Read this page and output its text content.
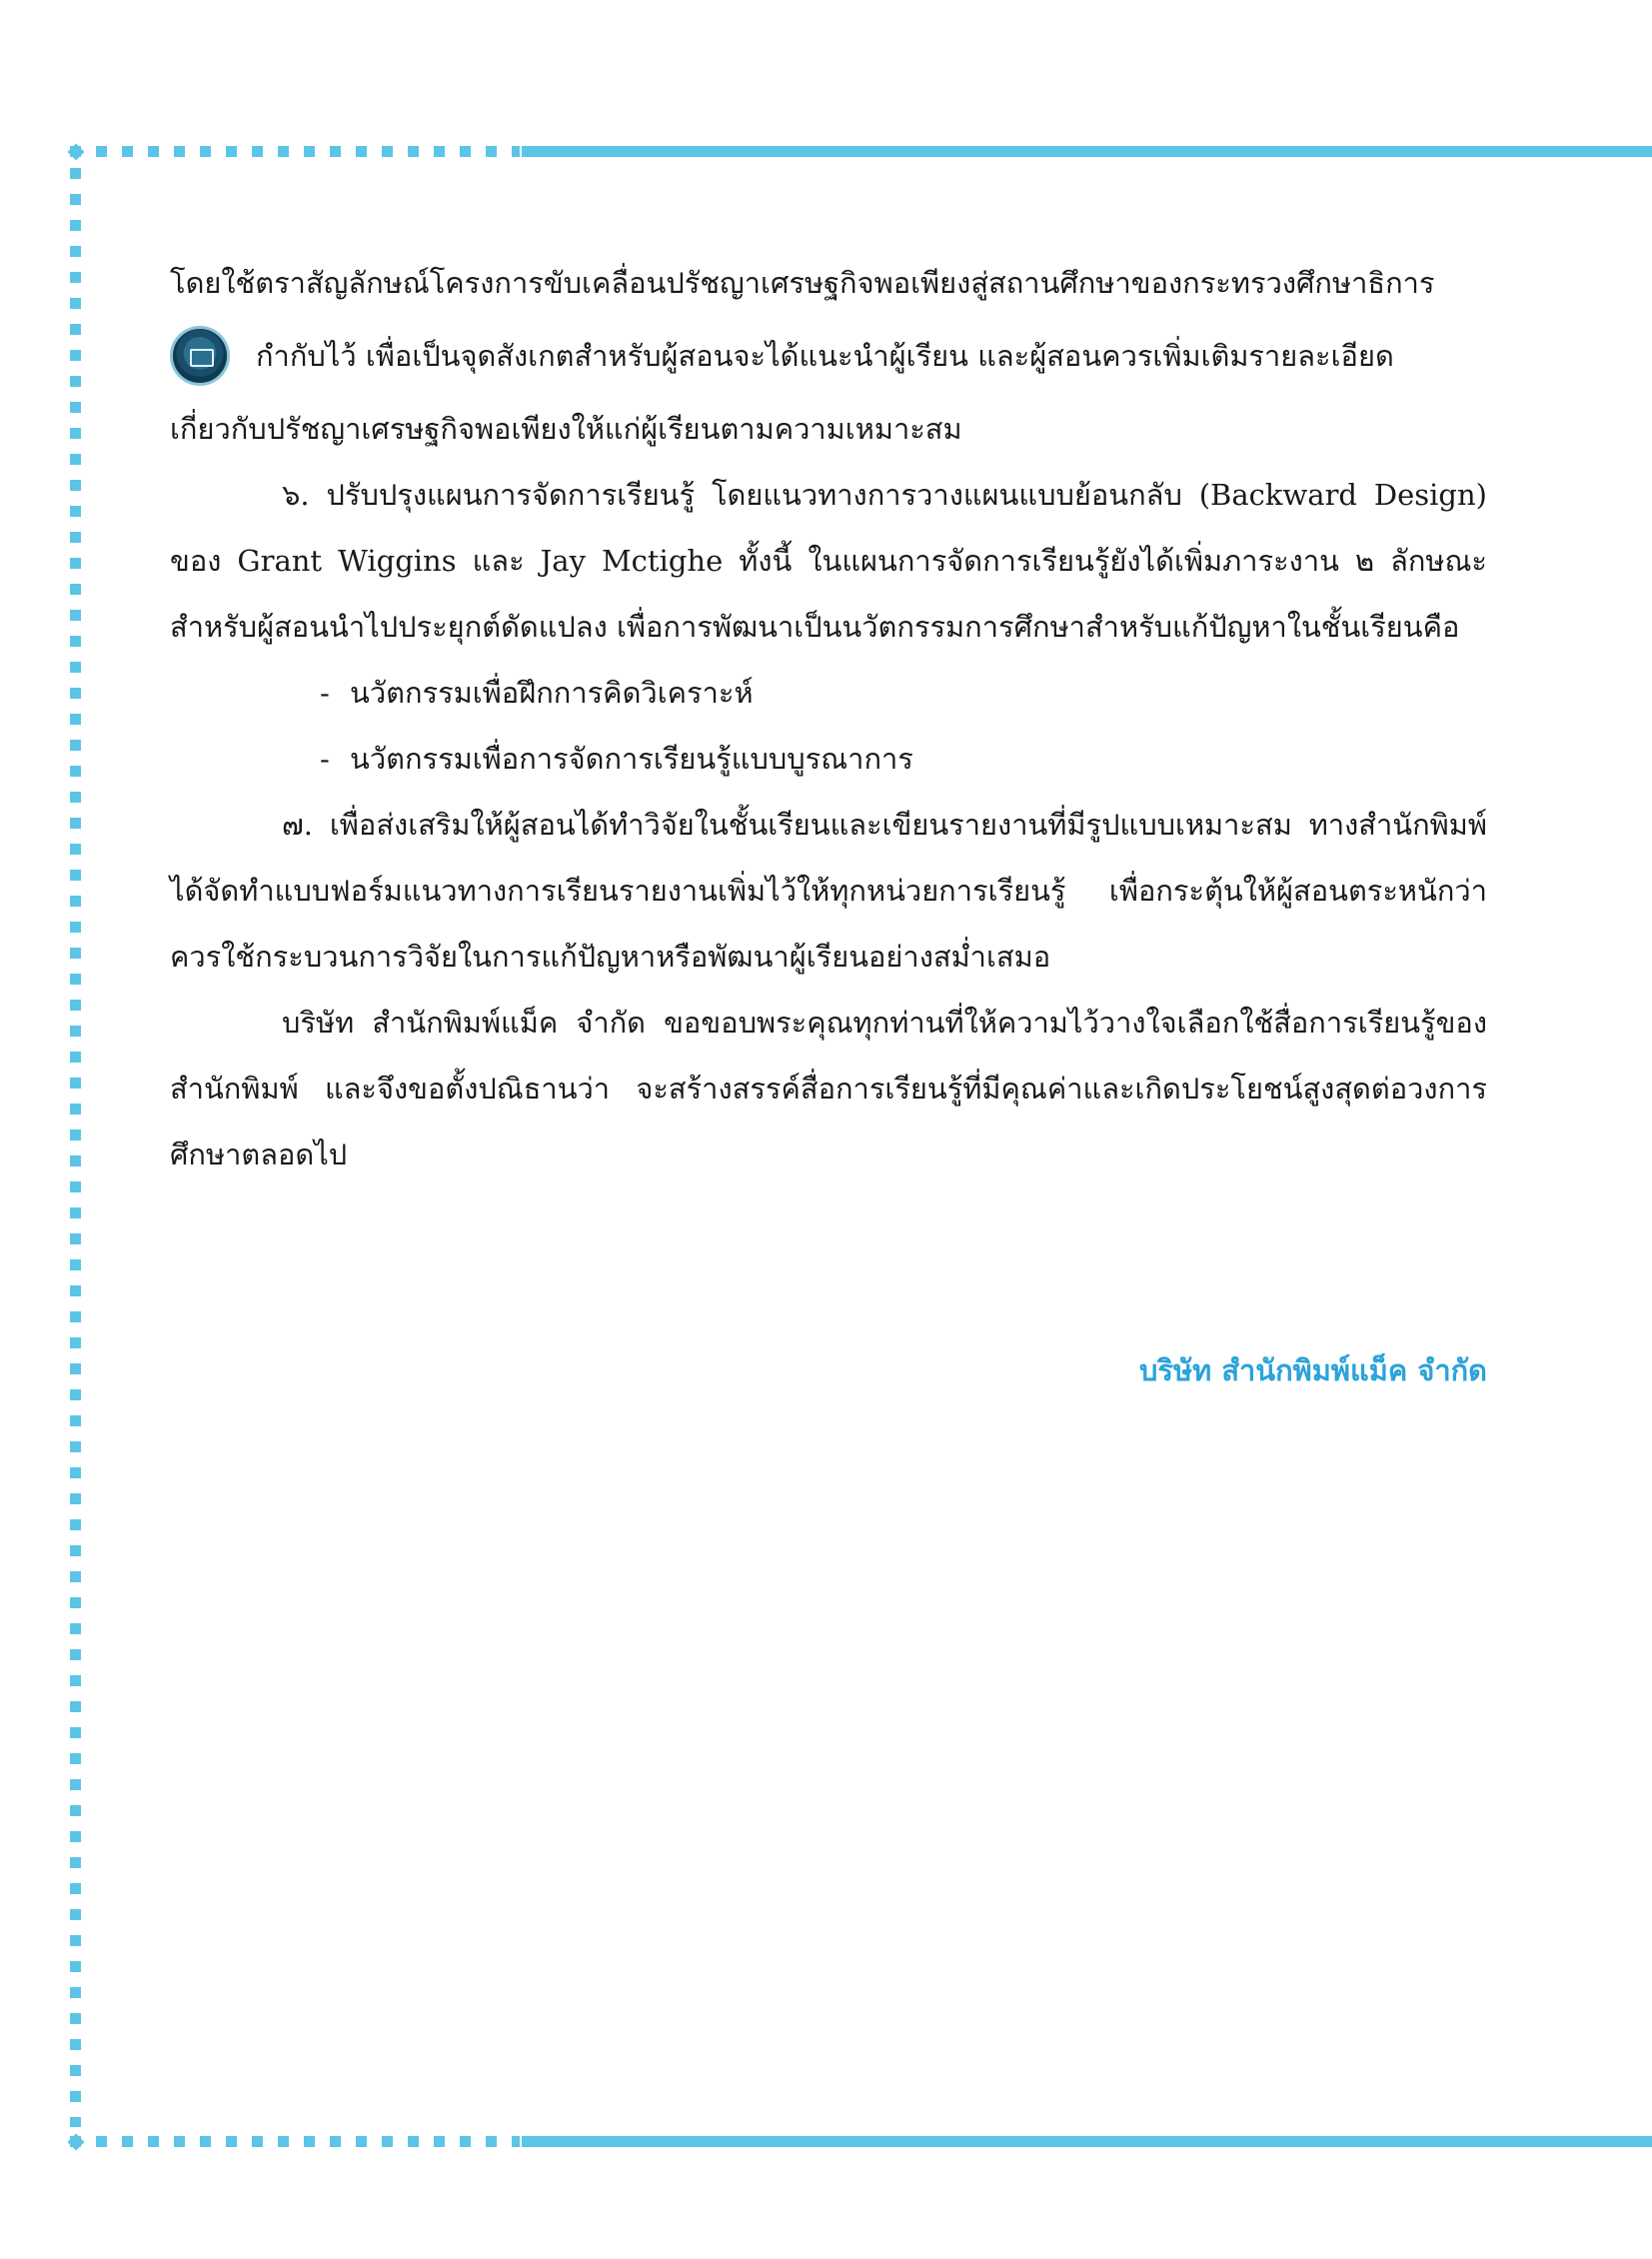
โดยใช้ตราสัญลักษณ์โครงการขับเคลื่อนปรัชญาเศรษฐกิจพอเพียงสู่สถานศึกษาของกระทรวงศึกษาธิการ

กำกับไว้ เพื่อเป็นจุดสังเกตสำหรับผู้สอนจะได้แนะนำผู้เรียน และผู้สอนควรเพิ่มเติมรายละเอียด

เกี่ยวกับปรัชญาเศรษฐกิจพอเพียงให้แก่ผู้เรียนตามความเหมาะสม

๖. ปรับปรุงแผนการจัดการเรียนรู้ โดยแนวทางการวางแผนแบบย้อนกลับ (Backward Design) ของ Grant Wiggins และ Jay Mctighe ทั้งนี้ ในแผนการจัดการเรียนรู้ยังได้เพิ่มภาระงาน ๒ ลักษณะ สำหรับผู้สอนนำไปประยุกต์ดัดแปลง เพื่อการพัฒนาเป็นนวัตกรรมการศึกษาสำหรับแก้ปัญหาในชั้นเรียนคือ

- นวัตกรรมเพื่อฝึกการคิดวิเคราะห์

- นวัตกรรมเพื่อการจัดการเรียนรู้แบบบูรณาการ

๗. เพื่อส่งเสริมให้ผู้สอนได้ทำวิจัยในชั้นเรียนและเขียนรายงานที่มีรูปแบบเหมาะสม ทางสำนักพิมพ์ได้จัดทำแบบฟอร์มแนวทางการเรียนรายงานเพิ่มไว้ให้ทุกหน่วยการเรียนรู้ เพื่อกระตุ้นให้ผู้สอนตระหนักว่า ควรใช้กระบวนการวิจัยในการแก้ปัญหาหรือพัฒนาผู้เรียนอย่างสม่ำเสมอ

บริษัท สำนักพิมพ์แม็ค จำกัด ขอขอบพระคุณทุกท่านที่ให้ความไว้วางใจเลือกใช้สื่อการเรียนรู้ของสำนักพิมพ์ และจึงขอตั้งปณิธานว่า จะสร้างสรรค์สื่อการเรียนรู้ที่มีคุณค่าและเกิดประโยชน์สูงสุดต่อวงการศึกษาตลอดไป

บริษัท สำนักพิมพ์แม็ค จำกัด
